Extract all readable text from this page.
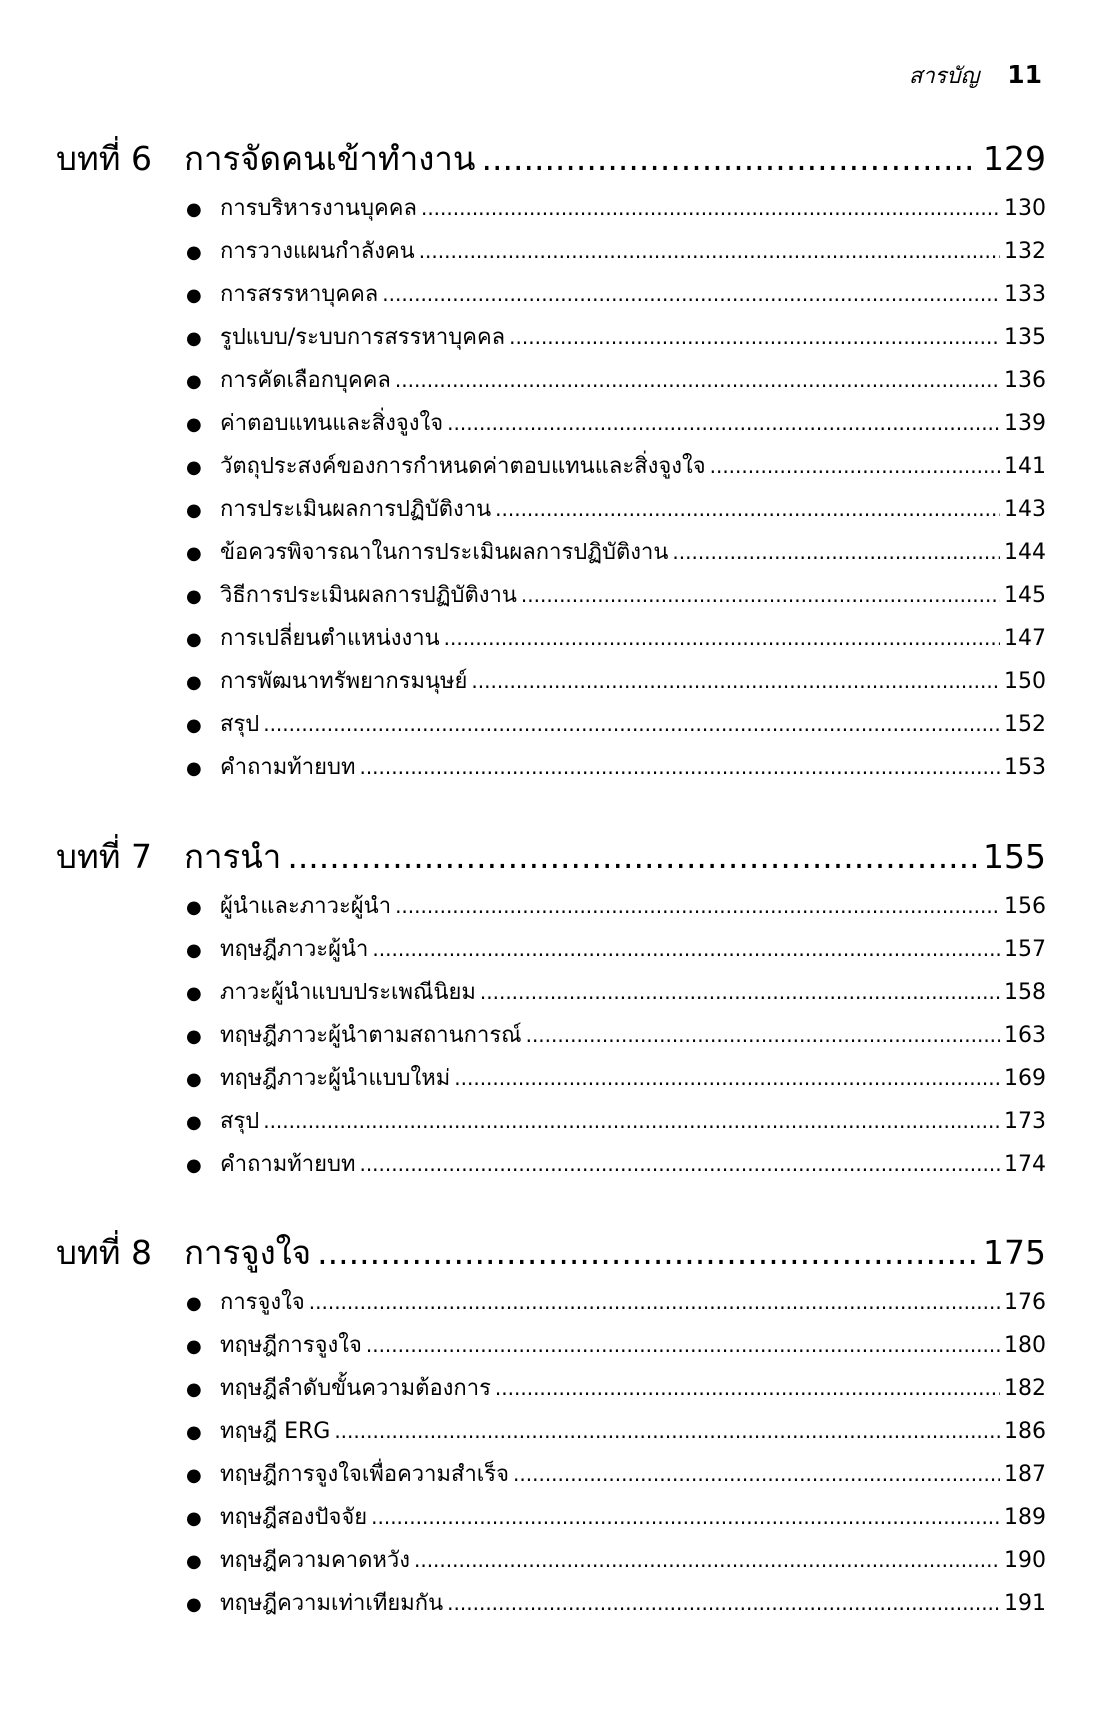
สารบัญ 11
บทที่ 6 การจัดคนเข้าทำงาน .....	129
● การบริหารงานบุคคล .....	130
● การวางแผนกำลังคน .....	132
● การสรรหาบุคคล .....	133
● รูปแบบ/ระบบการสรรหาบุคคล .....	135
● การคัดเลือกบุคคล .....	136
● ค่าตอบแทนและสิ่งจูงใจ .....	139
● วัตถุประสงค์ของการกำหนดค่าตอบแทนและสิ่งจูงใจ .....	141
● การประเมินผลการปฏิบัติงาน .....	143
● ข้อควรพิจารณาในการประเมินผลการปฏิบัติงาน .....	144
● วิธีการประเมินผลการปฏิบัติงาน .....	145
● การเปลี่ยนตำแหน่งงาน .....	147
● การพัฒนาทรัพยากรมนุษย์ .....	150
● สรุป .....	152
● คำถามท้ายบท .....	153
บทที่ 7 การนำ .....	155
● ผู้นำและภาวะผู้นำ .....	156
● ทฤษฎีภาวะผู้นำ .....	157
● ภาวะผู้นำแบบประเพณีนิยม .....	158
● ทฤษฎีภาวะผู้นำตามสถานการณ์ .....	163
● ทฤษฎีภาวะผู้นำแบบใหม่ .....	169
● สรุป .....	173
● คำถามท้ายบท .....	174
บทที่ 8 การจูงใจ .....	175
● การจูงใจ .....	176
● ทฤษฎีการจูงใจ .....	180
● ทฤษฎีลำดับขั้นความต้องการ .....	182
● ทฤษฎี ERG .....	186
● ทฤษฎีการจูงใจเพื่อความสำเร็จ .....	187
● ทฤษฎีสองปัจจัย .....	189
● ทฤษฎีความคาดหวัง .....	190
● ทฤษฎีความเท่าเทียมกัน .....	191
